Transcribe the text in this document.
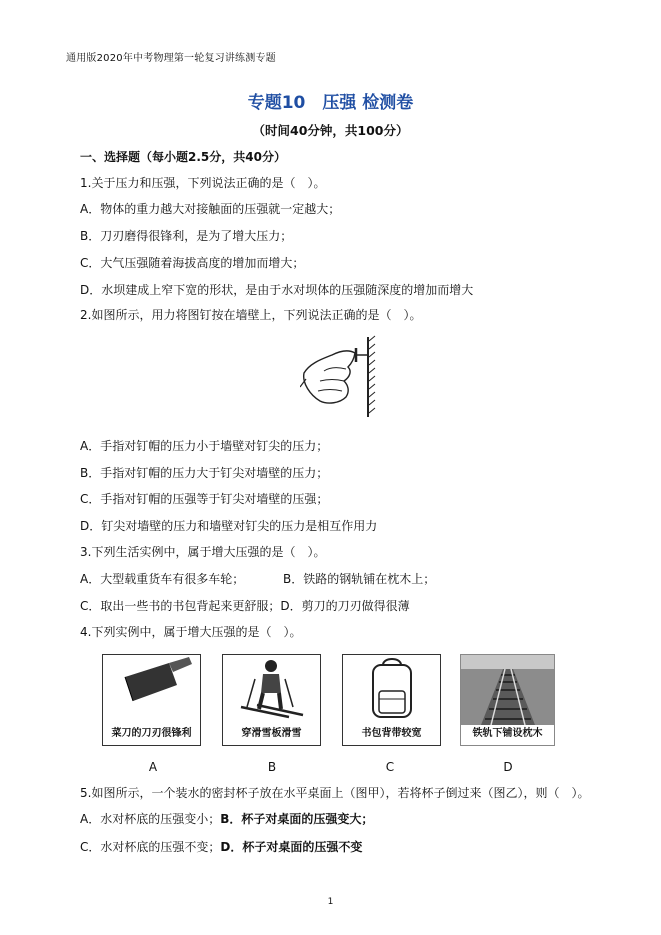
通用版2020年中考物理第一轮复习讲练测专题
专题10　压强 检测卷
（时间40分钟，共100分）
一、选择题（每小题2.5分，共40分）
1.关于压力和压强，下列说法正确的是（　）。
A．物体的重力越大对接触面的压强就一定越大；
B．刀刃磨得很锋利，是为了增大压力；
C．大气压强随着海拔高度的增加而增大；
D．水坝建成上窄下宽的形状，是由于水对坝体的压强随深度的增加而增大
2.如图所示，用力将图钉按在墙壁上，下列说法正确的是（　）。
A．手指对钉帽的压力小于墙壁对钉尖的压力；
B．手指对钉帽的压力大于钉尖对墙壁的压力；
C．手指对钉帽的压强等于钉尖对墙壁的压强；
D．钉尖对墙壁的压力和墙壁对钉尖的压力是相互作用力
3.下列生活实例中，属于增大压强的是（　）。
A．大型载重货车有很多车轮；	B．铁路的钢轨铺在枕木上；
C．取出一些书的书包背起来更舒服；D．剪刀的刀刃做得很薄
4.下列实例中，属于增大压强的是（　）。
菜刀的刀刃很锋利	穿滑雪板滑雪	书包背带较宽	铁轨下铺设枕木
A	B	C	D
5.如图所示，一个装水的密封杯子放在水平桌面上（图甲），若将杯子倒过来（图乙），则（　）。
A．水对杯底的压强变小；B．杯子对桌面的压强变大；
C．水对杯底的压强不变；D．杯子对桌面的压强不变
1
